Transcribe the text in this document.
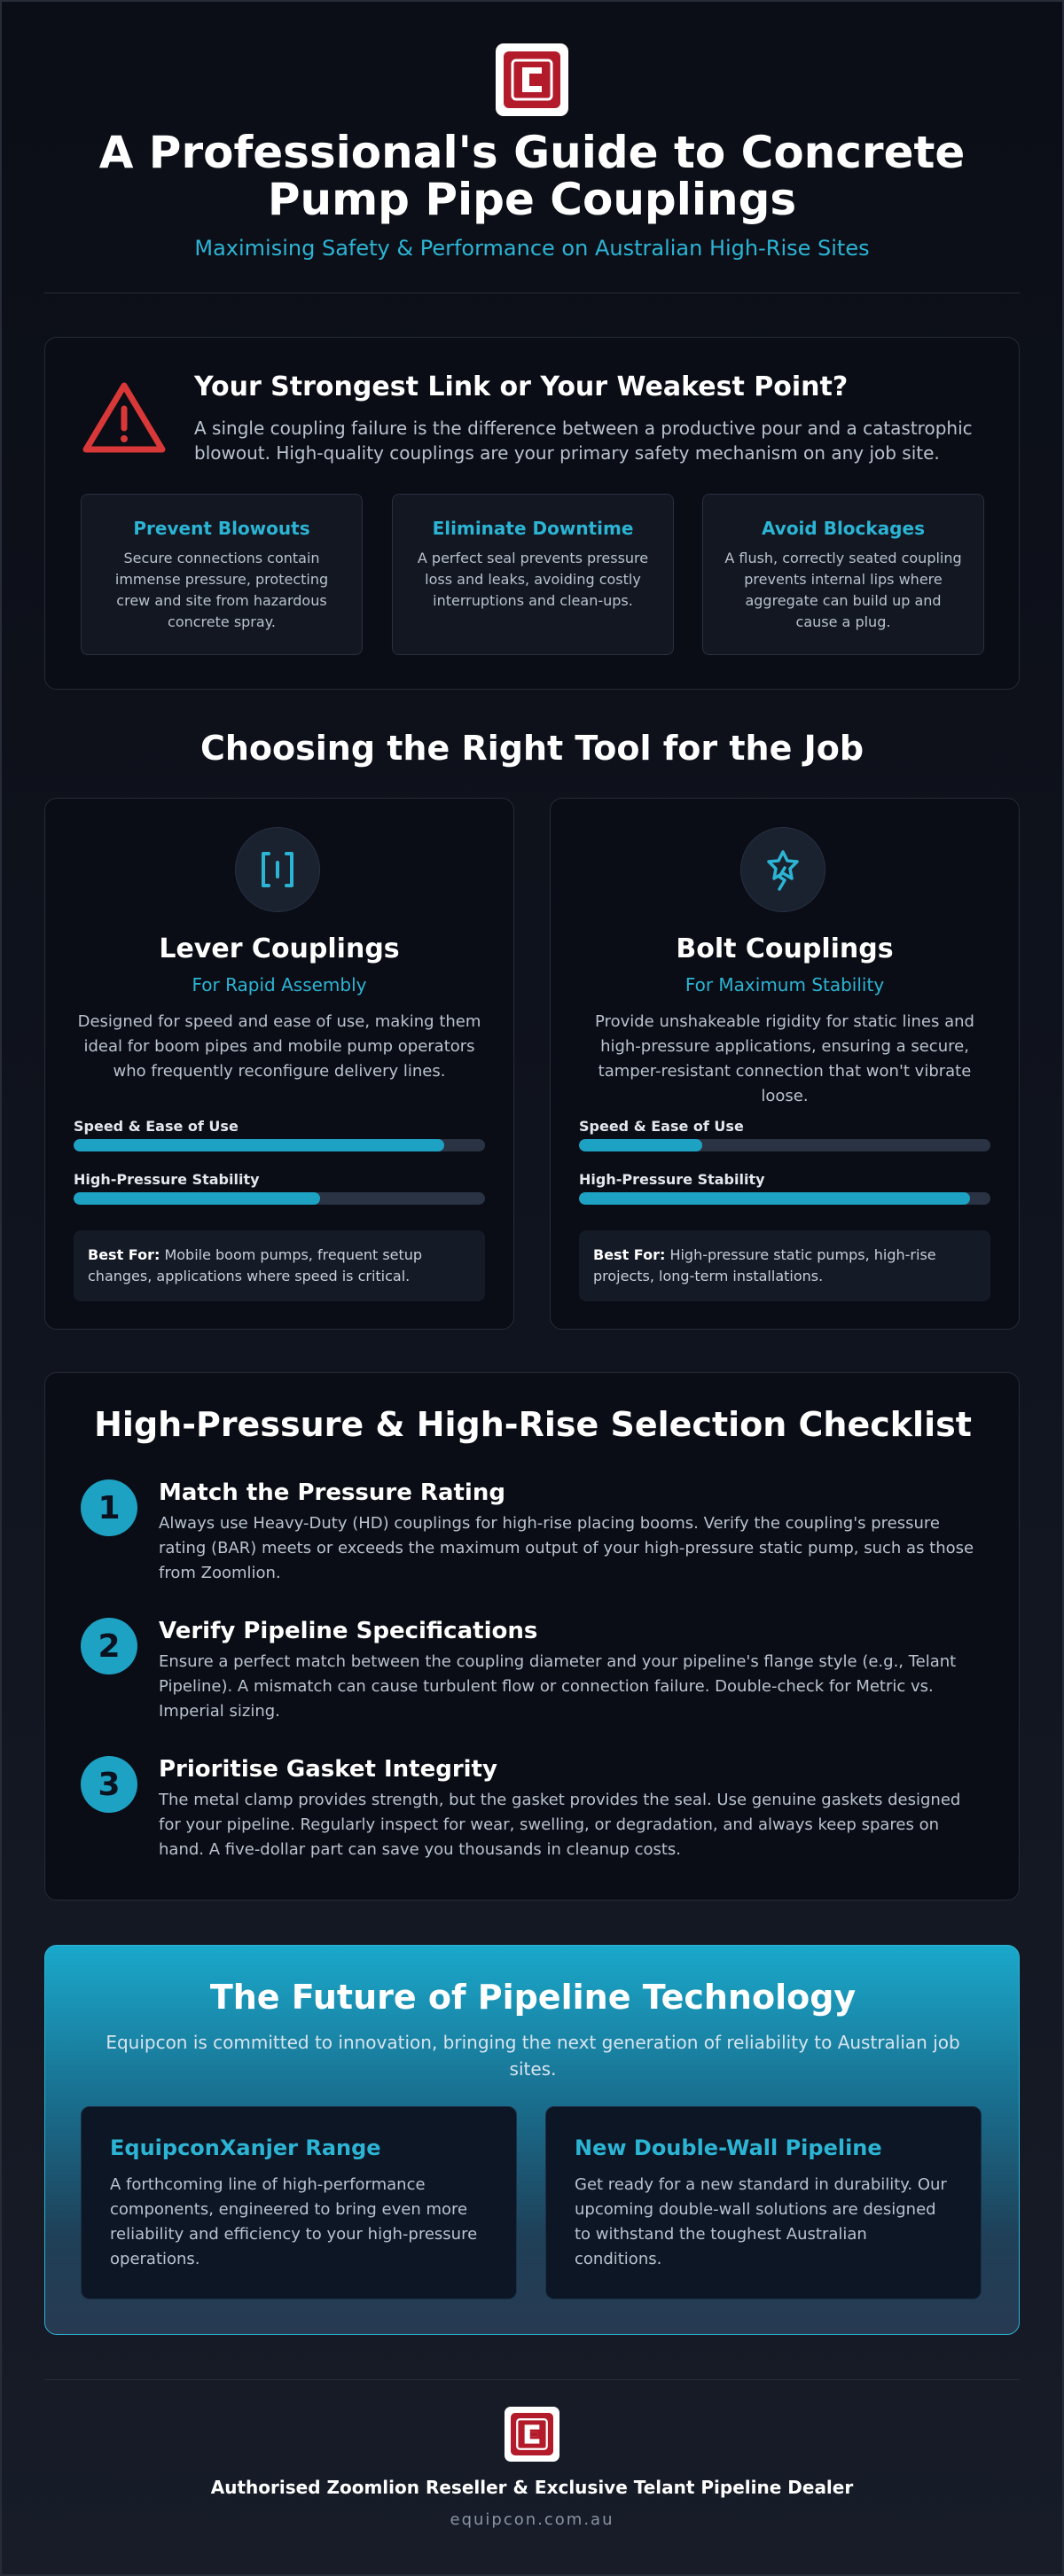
A Professional's Guide to Concrete Pump Pipe Couplings
Maximising Safety & Performance on Australian High-Rise Sites
Your Strongest Link or Your Weakest Point?

A single coupling failure is the difference between a productive pour and a catastrophic blowout. High-quality couplings are your primary safety mechanism on any job site.

Prevent Blowouts

Secure connections contain immense pressure, protecting crew and site from hazardous concrete spray.

Eliminate Downtime

A perfect seal prevents pressure loss and leaks, avoiding costly interruptions and clean-ups.

Avoid Blockages

A flush, correctly seated coupling prevents internal lips where aggregate can build up and cause a plug.

Choosing the Right Tool for the Job
Lever Couplings
For Rapid Assembly

Designed for speed and ease of use, making them ideal for boom pipes and mobile pump operators who frequently reconfigure delivery lines.

Speed & Ease of Use
High-Pressure Stability
Best For: Mobile boom pumps, frequent setup changes, applications where speed is critical.
Bolt Couplings
For Maximum Stability

Provide unshakeable rigidity for static lines and high-pressure applications, ensuring a secure, tamper-resistant connection that won't vibrate loose.

Speed & Ease of Use
High-Pressure Stability
Best For: High-pressure static pumps, high-rise projects, long-term installations.
High-Pressure & High-Rise Selection Checklist
1	Match the Pressure Rating

Always use Heavy-Duty (HD) couplings for high-rise placing booms. Verify the coupling's pressure rating (BAR) meets or exceeds the maximum output of your high-pressure static pump, such as those from Zoomlion.

2	Verify Pipeline Specifications

Ensure a perfect match between the coupling diameter and your pipeline's flange style (e.g., Telant Pipeline). A mismatch can cause turbulent flow or connection failure. Double-check for Metric vs. Imperial sizing.

3	Prioritise Gasket Integrity

The metal clamp provides strength, but the gasket provides the seal. Use genuine gaskets designed for your pipeline. Regularly inspect for wear, swelling, or degradation, and always keep spares on hand. A five-dollar part can save you thousands in cleanup costs.

The Future of Pipeline Technology

Equipcon is committed to innovation, bringing the next generation of reliability to Australian job sites.

EquipconXanjer Range

A forthcoming line of high-performance components, engineered to bring even more reliability and efficiency to your high-pressure operations.

New Double-Wall Pipeline

Get ready for a new standard in durability. Our upcoming double-wall solutions are designed to withstand the toughest Australian conditions.

Authorised Zoomlion Reseller & Exclusive Telant Pipeline Dealer
equipcon.com.au
